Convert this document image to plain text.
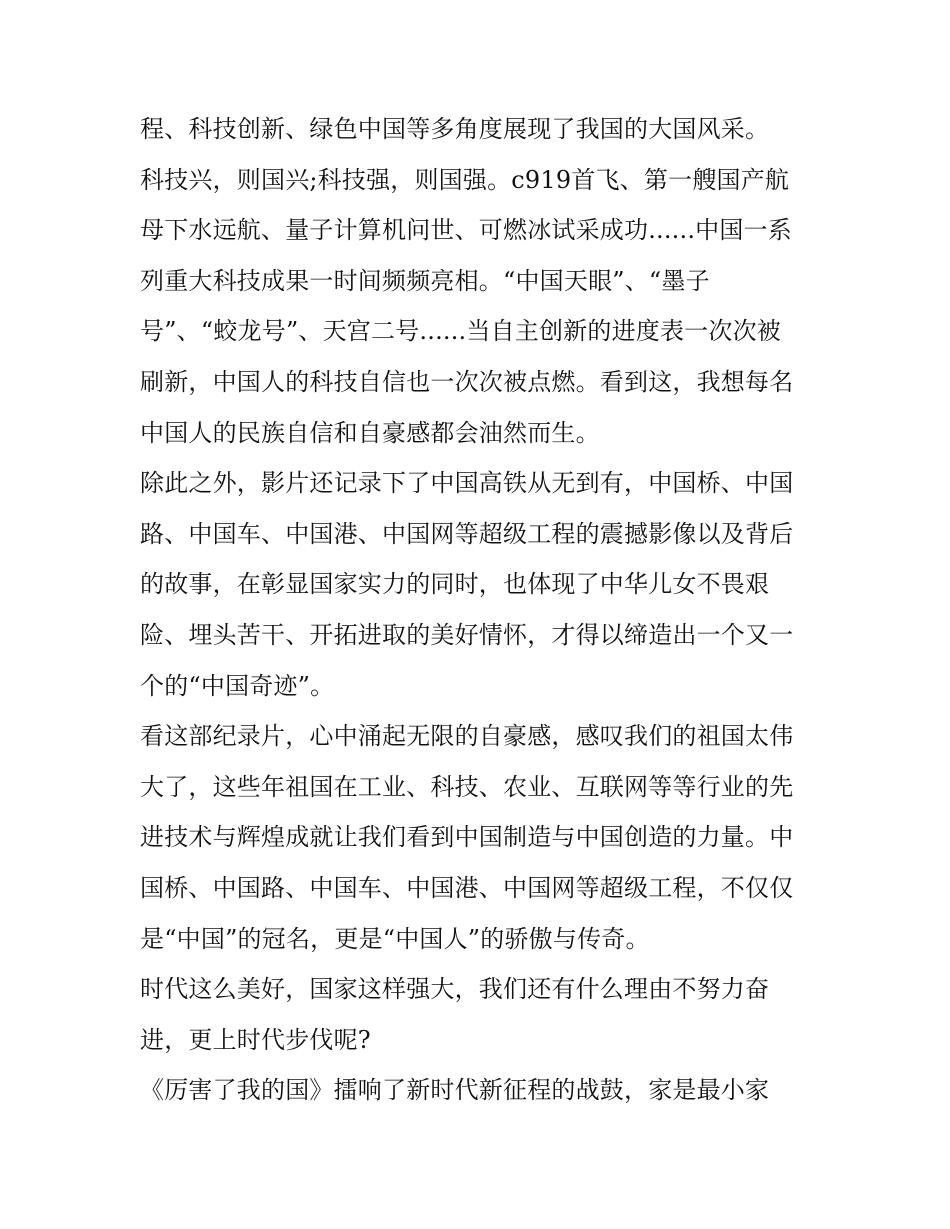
程、科技创新、绿色中国等多角度展现了我国的大国风采。
科技兴，则国兴;科技强，则国强。c919首飞、第一艘国产航
母下水远航、量子计算机问世、可燃冰试采成功......中国一系
列重大科技成果一时间频频亮相。“中国天眼”、“墨子
号”、“蛟龙号”、天宫二号......当自主创新的进度表一次次被
刷新，中国人的科技自信也一次次被点燃。看到这，我想每名
中国人的民族自信和自豪感都会油然而生。
除此之外，影片还记录下了中国高铁从无到有，中国桥、中国
路、中国车、中国港、中国网等超级工程的震撼影像以及背后
的故事，在彰显国家实力的同时，也体现了中华儿女不畏艰
险、埋头苦干、开拓进取的美好情怀，才得以缔造出一个又一
个的“中国奇迹”。
看这部纪录片，心中涌起无限的自豪感，感叹我们的祖国太伟
大了，这些年祖国在工业、科技、农业、互联网等等行业的先
进技术与辉煌成就让我们看到中国制造与中国创造的力量。中
国桥、中国路、中国车、中国港、中国网等超级工程，不仅仅
是“中国”的冠名，更是“中国人”的骄傲与传奇。
时代这么美好，国家这样强大，我们还有什么理由不努力奋
进，更上时代步伐呢?
《厉害了我的国》擂响了新时代新征程的战鼓，家是最小家
